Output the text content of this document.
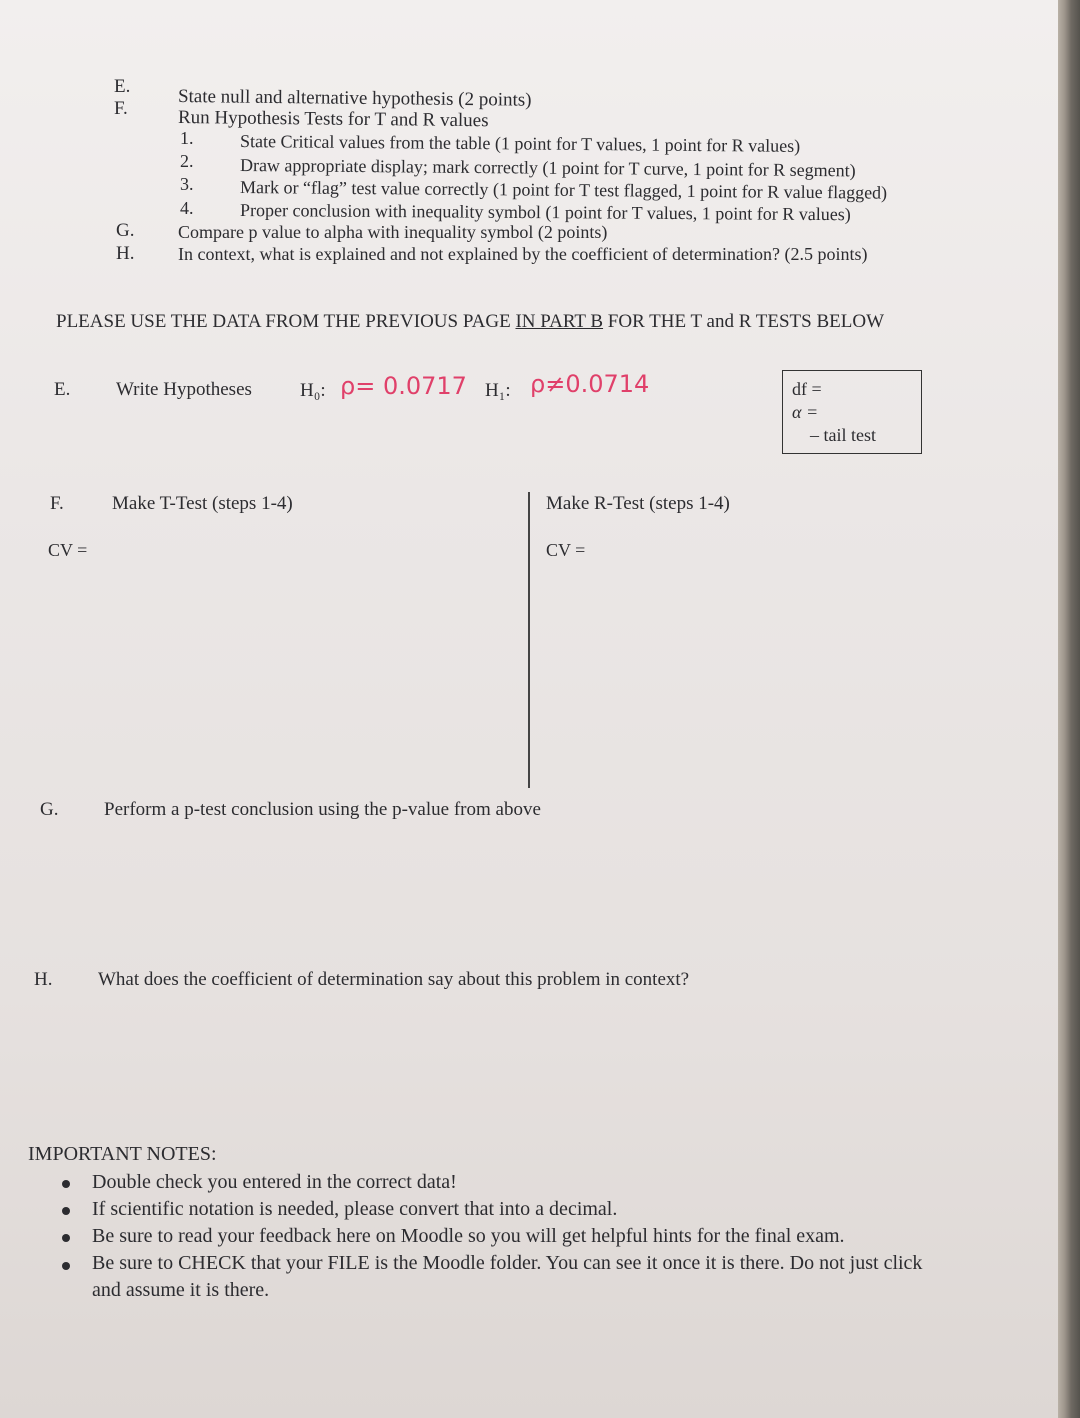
E.	State null and alternative hypothesis (2 points)
F.	Run Hypothesis Tests for T and R values
1.	State Critical values from the table (1 point for T values, 1 point for R values)
2.	Draw appropriate display; mark correctly (1 point for T curve, 1 point for R segment)
3.	Mark or “flag” test value correctly (1 point for T test flagged, 1 point for R value flagged)
4.	Proper conclusion with inequality symbol (1 point for T values, 1 point for R values)
G. Compare p value to alpha with inequality symbol (2 points)
H. In context, what is explained and not explained by the coefficient of determination? (2.5 points)
PLEASE USE THE DATA FROM THE PREVIOUS PAGE IN PART B FOR THE T and R TESTS BELOW
E. Write Hypotheses	H₀: ρ= 0.0717 H₁: ρ≠0.0714	df =
α =
– tail test
F.	Make T-Test (steps 1-4)	Make R-Test (steps 1-4)
CV =	CV =
G. Perform a p-test conclusion using the p-value from above
H. What does the coefficient of determination say about this problem in context?
IMPORTANT NOTES:
Double check you entered in the correct data!
If scientific notation is needed, please convert that into a decimal.
Be sure to read your feedback here on Moodle so you will get helpful hints for the final exam.
Be sure to CHECK that your FILE is the Moodle folder. You can see it once it is there. Do not just click
and assume it is there.
